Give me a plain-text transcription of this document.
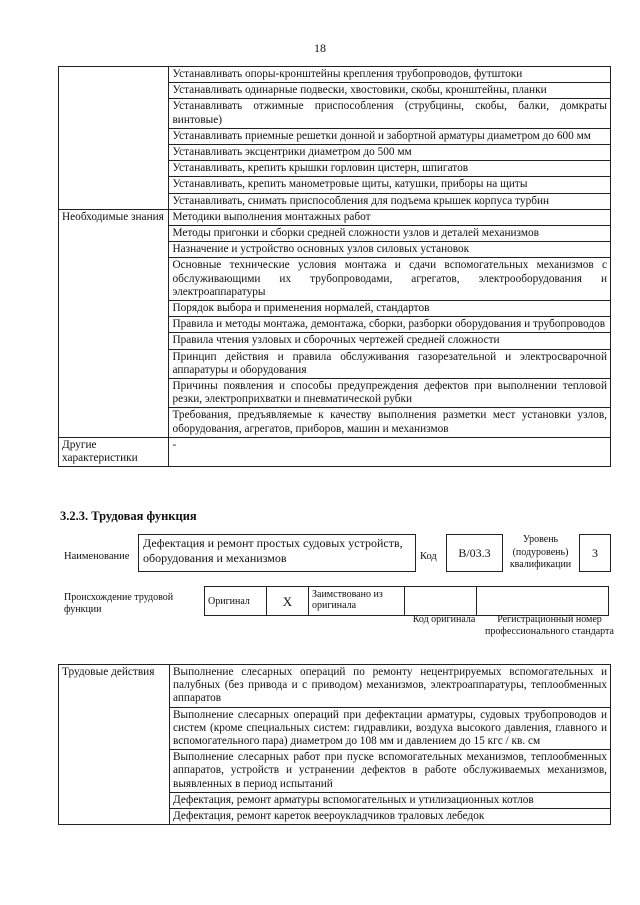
18
	Устанавливать опоры-кронштейны крепления трубопроводов, футштоки
	Устанавливать одинарные подвески, хвостовики, скобы, кронштейны, планки
	Устанавливать отжимные приспособления (струбцины, скобы, балки, домкраты винтовые)
	Устанавливать приемные решетки донной и забортной арматуры диаметром до 600 мм
	Устанавливать эксцентрики диаметром до 500 мм
	Устанавливать, крепить крышки горловин цистерн, шпигатов
	Устанавливать, крепить манометровые щиты, катушки, приборы на щиты
	Устанавливать, снимать приспособления для подъема крышек корпуса турбин
Необходимые знания	Методики выполнения монтажных работ
	Методы пригонки и сборки средней сложности узлов и деталей механизмов
	Назначение и устройство основных узлов силовых установок
	Основные технические условия монтажа и сдачи вспомогательных механизмов с обслуживающими их трубопроводами, агрегатов, электрооборудования и электроаппаратуры
	Порядок выбора и применения нормалей, стандартов
	Правила и методы монтажа, демонтажа, сборки, разборки оборудования и трубопроводов
	Правила чтения узловых и сборочных чертежей средней сложности
	Принцип действия и правила обслуживания газорезательной и электросварочной аппаратуры и оборудования
	Причины появления и способы предупреждения дефектов при выполнении тепловой резки, электроприхватки и пневматической рубки
	Требования, предъявляемые к качеству выполнения разметки мест установки узлов, оборудования, агрегатов, приборов, машин и механизмов
Другие характеристики	-
3.2.3. Трудовая функция
Наименование
Дефектация и ремонт простых судовых устройств, оборудования и механизмов	Код	B/03.3
Уровень (подуровень) квалификации
3
Происхождение трудовой функции
Оригинал	X	Заимствовано из оригинала
Код оригинала	Регистрационный номер профессионального стандарта
Трудовые действия	Выполнение слесарных операций по ремонту нецентрируемых вспомогательных и палубных (без привода и с приводом) механизмов, электроаппаратуры, теплообменных аппаратов
Выполнение слесарных операций при дефектации арматуры, судовых трубопроводов и систем (кроме специальных систем: гидравлики, воздуха высокого давления, главного и вспомогательного пара) диаметром до 108 мм и давлением до 15 кгс / кв. см
Выполнение слесарных работ при пуске вспомогательных механизмов, теплообменных аппаратов, устройств и устранении дефектов в работе обслуживаемых механизмов, выявленных в период испытаний
Дефектация, ремонт арматуры вспомогательных и утилизационных котлов
Дефектация, ремонт кареток веероукладчиков траловых лебедок
